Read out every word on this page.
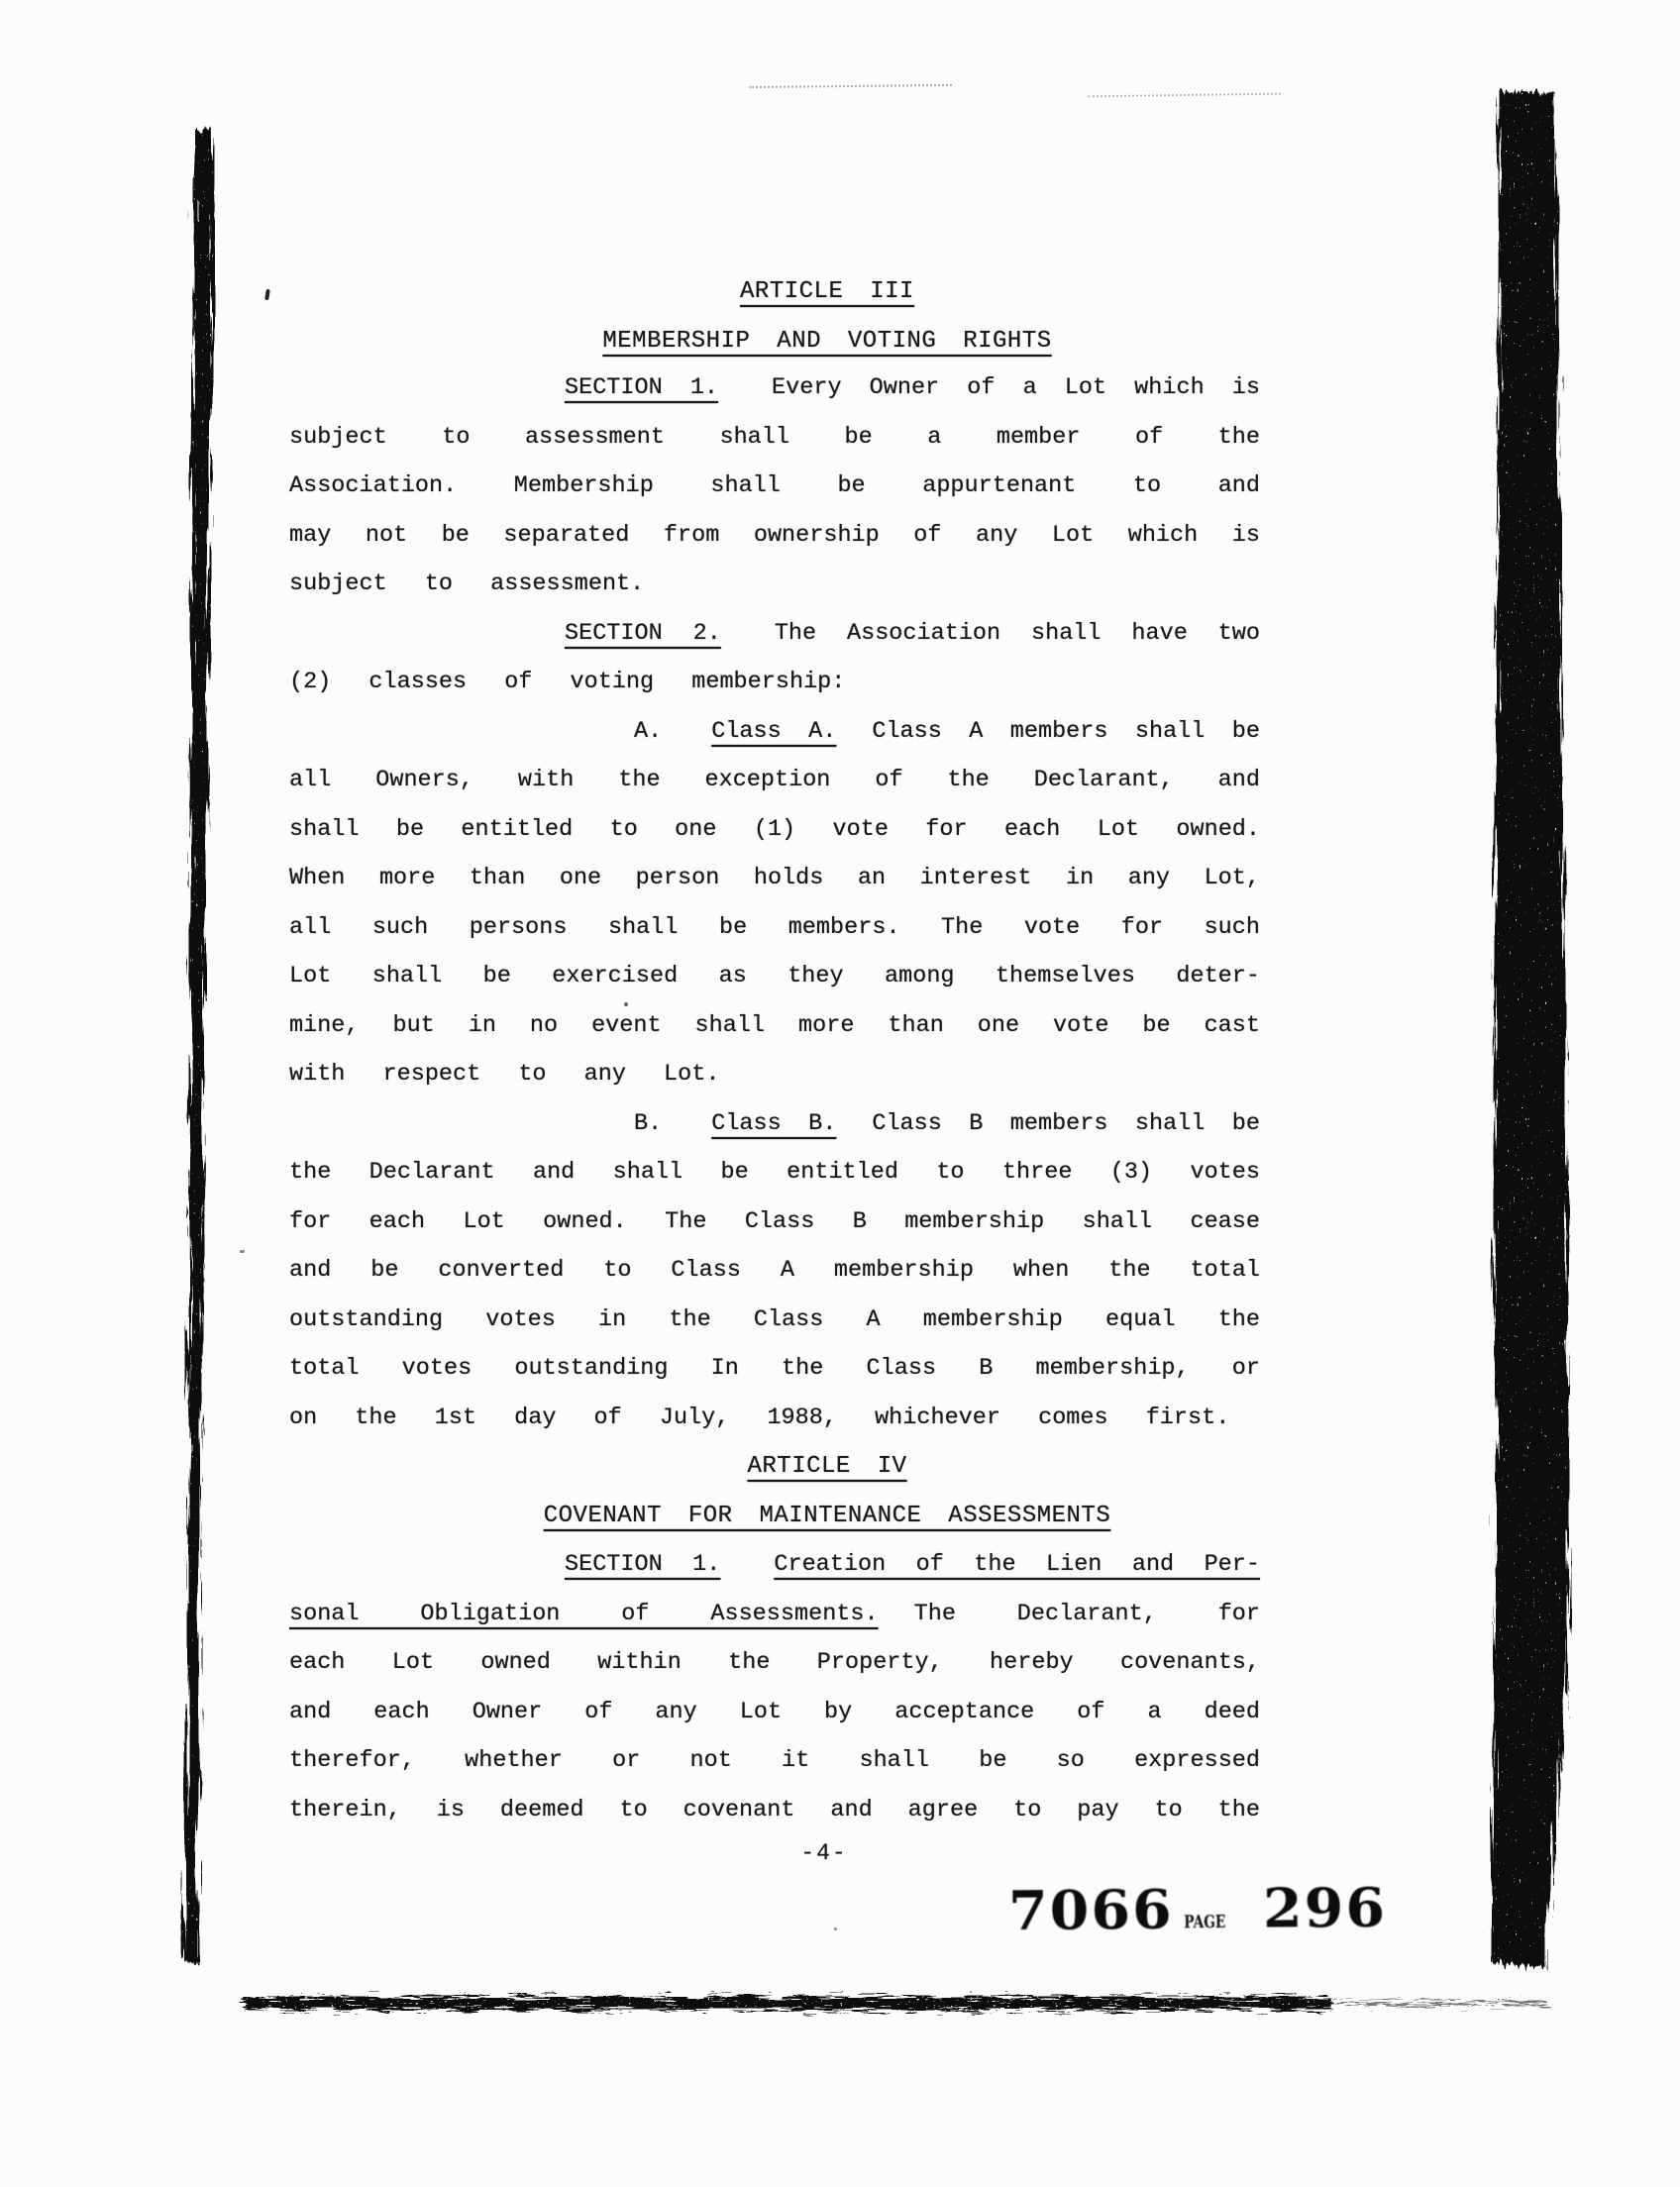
ARTICLE III
MEMBERSHIP AND VOTING RIGHTS
SECTION 1. Every Owner of a Lot which is
subject to assessment shall be a member of the
Association. Membership shall be appurtenant to and
may not be separated from ownership of any Lot which is
subject to assessment.
SECTION 2. The Association shall have two
(2) classes of voting membership:
A. Class A. Class A members shall be
all Owners, with the exception of the Declarant, and
shall be entitled to one (1) vote for each Lot owned.
When more than one person holds an interest in any Lot,
all such persons shall be members. The vote for such
Lot shall be exercised as they among themselves deter-
mine, but in no event shall more than one vote be cast
with respect to any Lot.
B. Class B. Class B members shall be
the Declarant and shall be entitled to three (3) votes
for each Lot owned. The Class B membership shall cease
and be converted to Class A membership when the total
outstanding votes in the Class A membership equal the
total votes outstanding In the Class B membership, or
on the 1st day of July, 1988, whichever comes first.
ARTICLE IV
COVENANT FOR MAINTENANCE ASSESSMENTS
SECTION 1. Creation of the Lien and Per-
sonal Obligation of Assessments. The Declarant, for
each Lot owned within the Property, hereby covenants,
and each Owner of any Lot by acceptance of a deed
therefor, whether or not it shall be so expressed
therein, is deemed to covenant and agree to pay to the
-4-
7066 PAGE 296
